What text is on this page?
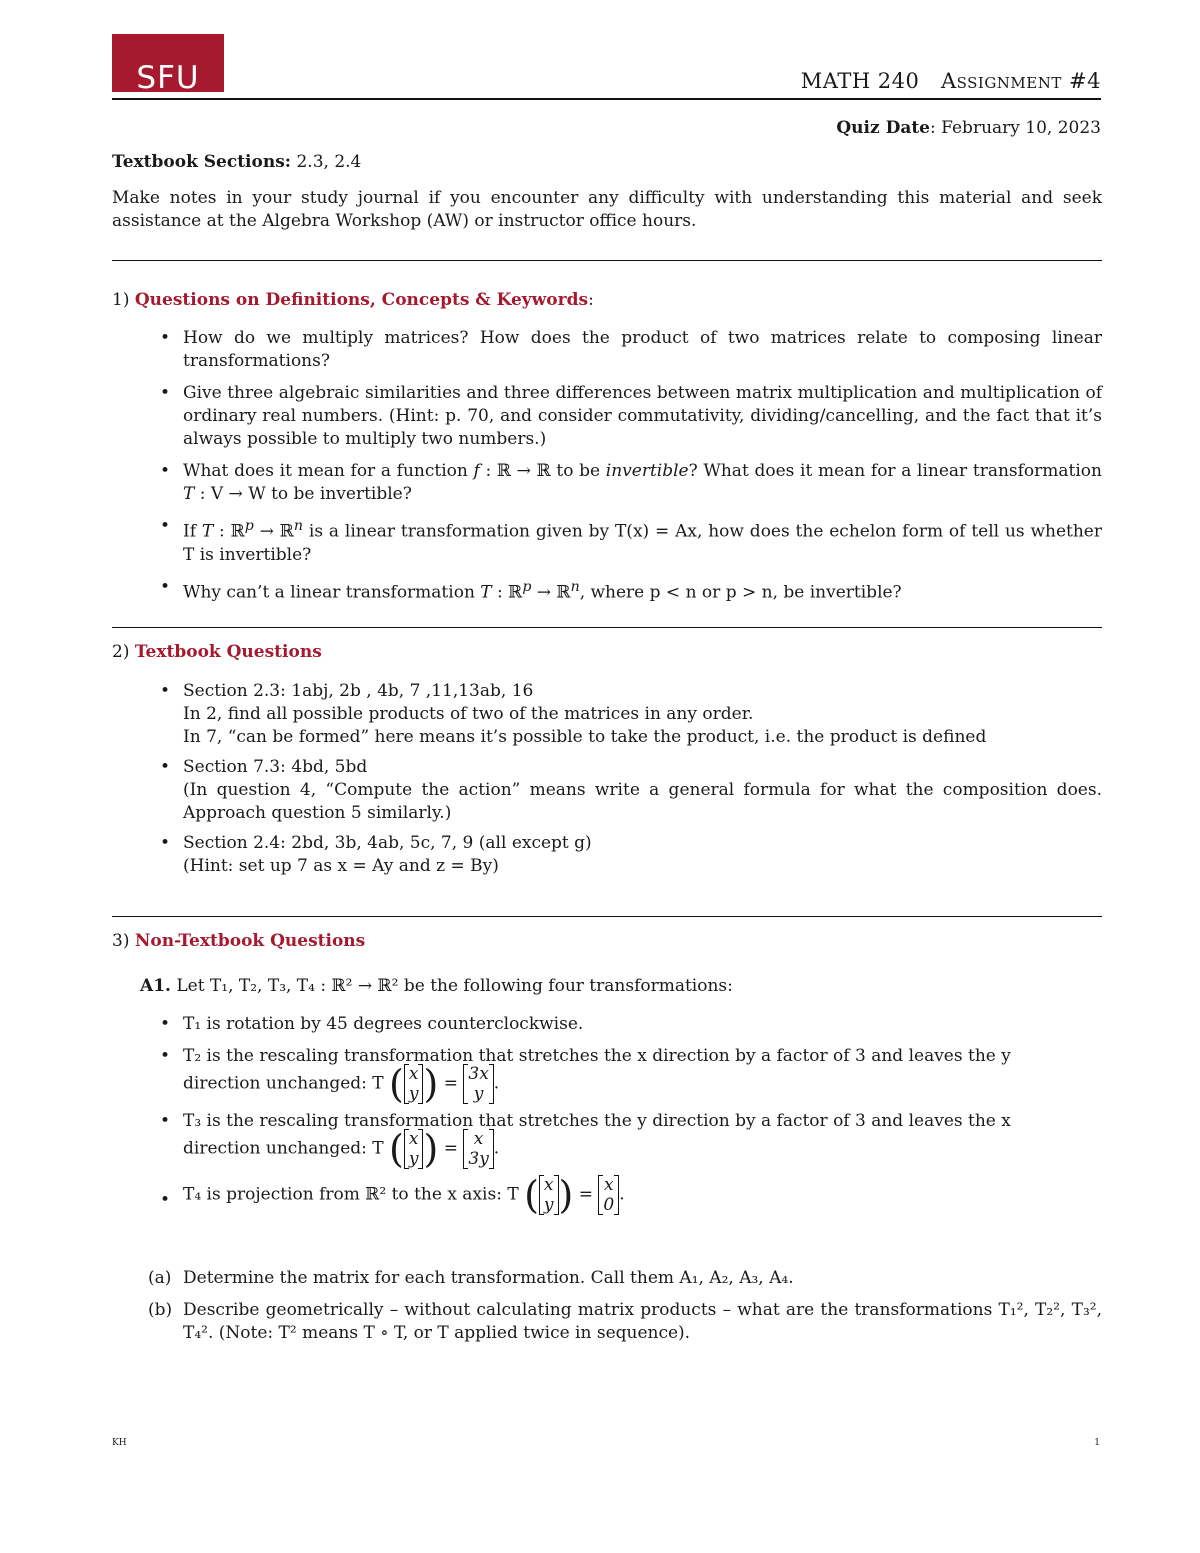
SFU	MATH 240 Assignment #4
Quiz Date: February 10, 2023
Textbook Sections: 2.3, 2.4
Make notes in your study journal if you encounter any difficulty with understanding this material and seek assistance at the Algebra Workshop (AW) or instructor office hours.
1) Questions on Definitions, Concepts & Keywords:
• How do we multiply matrices? How does the product of two matrices relate to composing linear transformations?
• Give three algebraic similarities and three differences between matrix multiplication and multiplication of ordinary real numbers. (Hint: p. 70, and consider commutativity, dividing/cancelling, and the fact that it’s always possible to multiply two numbers.)
• What does it mean for a function f : ℝ → ℝ to be invertible? What does it mean for a linear transformation T : V → W to be invertible?
• If T : ℝ$^p$ → ℝ$^n$ is a linear transformation given by T(x) = Ax, how does the echelon form of tell us whether T is invertible?
• Why can’t a linear transformation T : ℝ$^p$ → ℝ$^n$, where p < n or p > n, be invertible?
2) Textbook Questions
• Section 2.3: 1abj, 2b , 4b, 7 ,11,13ab, 16
In 2, find all possible products of two of the matrices in any order.
In 7, “can be formed” here means it’s possible to take the product, i.e. the product is defined
• Section 7.3: 4bd, 5bd
(In question 4, “Compute the action” means write a general formula for what the composition does. Approach question 5 similarly.)
• Section 2.4: 2bd, 3b, 4ab, 5c, 7, 9 (all except g)
(Hint: set up 7 as x = Ay and z = By)
3) Non-Textbook Questions
A1. Let T₁, T₂, T₃, T₄ : ℝ² → ℝ² be the following four transformations:
• T₁ is rotation by 45 degrees counterclockwise.
• T₂ is the rescaling transformation that stretches the x direction by a factor of 3 and leaves the y
direction unchanged: T ( x
y ) = 3x
y.
• T₃ is the rescaling transformation that stretches the y direction by a factor of 3 and leaves the x
direction unchanged: T ( x
y ) = x
3y.
• T₄ is projection from ℝ² to the x axis: T ( x
y ) = x
0.
(a) Determine the matrix for each transformation. Call them A₁, A₂, A₃, A₄.
(b) Describe geometrically – without calculating matrix products – what are the transformations T₁², T₂², T₃², T₄². (Note: T² means T ∘ T, or T applied twice in sequence).
KH	1
